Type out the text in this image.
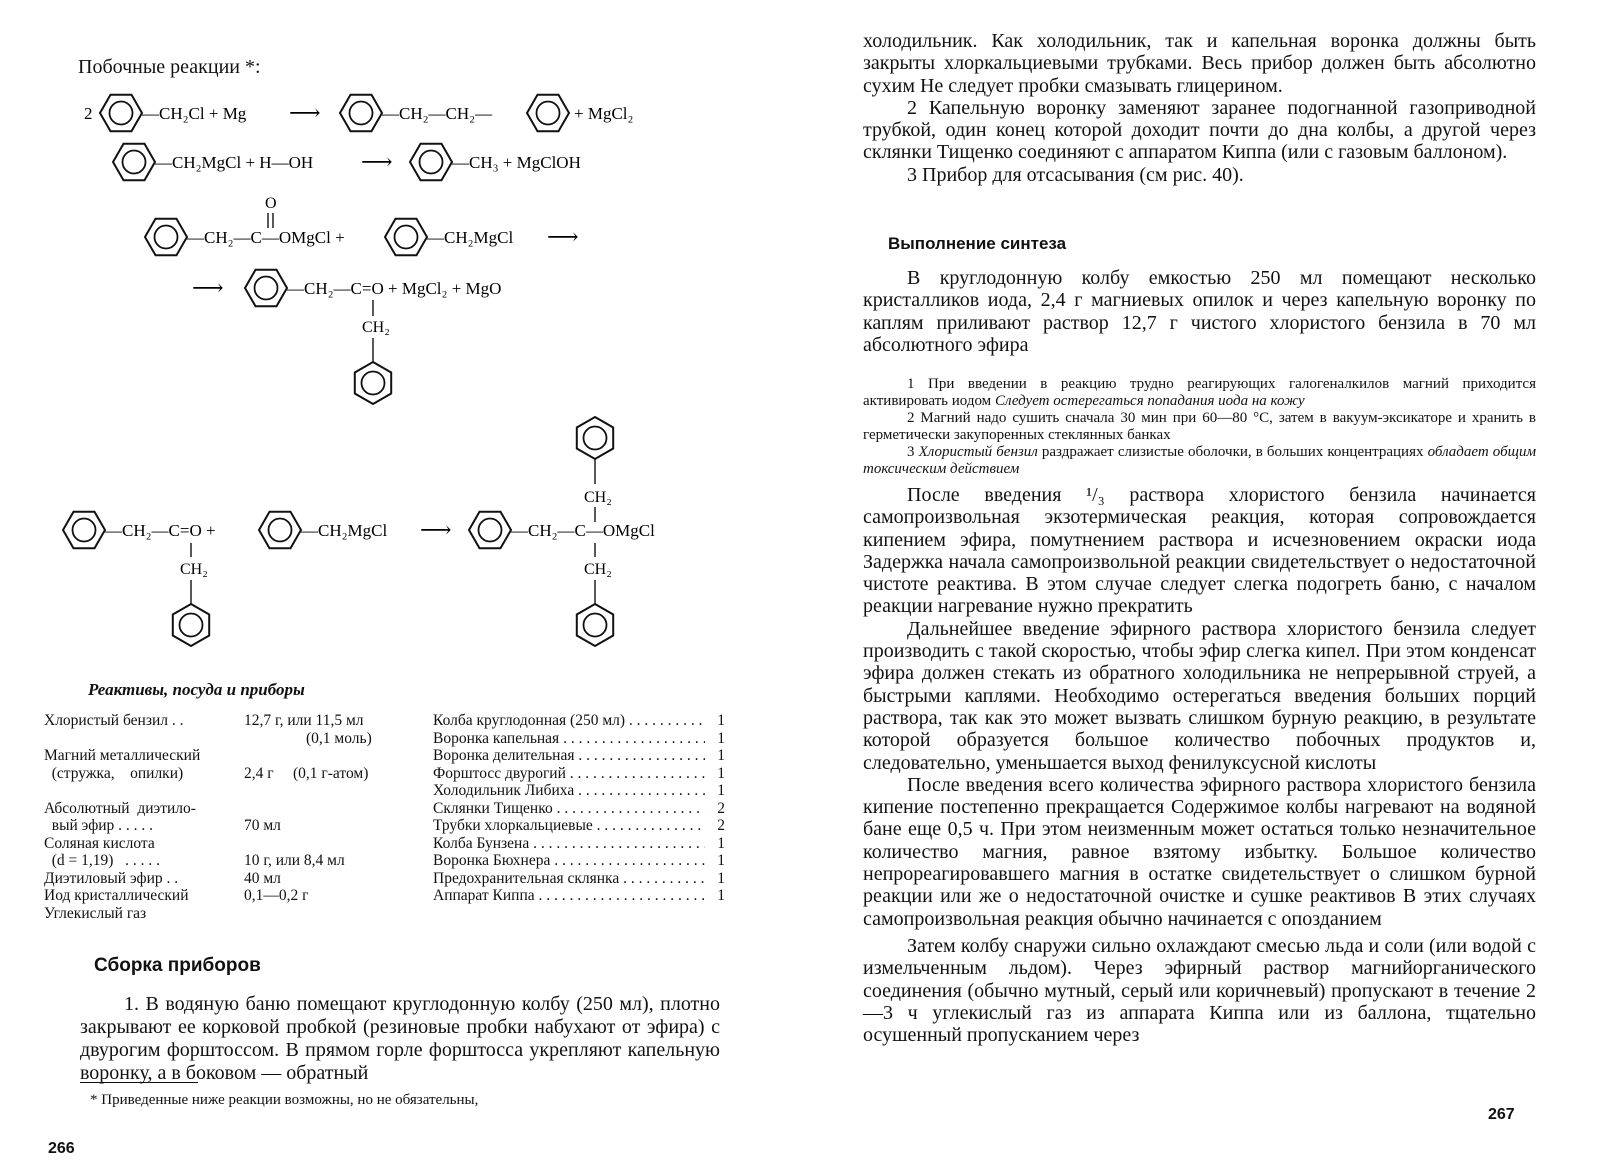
Побочные реакции *:
2	—CH₂Cl + Mg ⟶	—CH₂—CH₂—	+ MgCl₂
—CH₂MgCl + H—OH ⟶	—CH₃ + MgClOH
O
—CH₂—C—OMgCl +	—CH₂MgCl ⟶
⟶	—CH₂—C=O + MgCl₂ + MgO
CH₂
—CH₂—C=O +
CH₂
—CH₂MgCl ⟶	—CH₂—C—OMgCl
CH₂
CH₂
Реактивы, посуда и приборы
Хлористый бензил . .	12,7 г, или 11,5 мл
(0,1 моль)
Магний металлический
(стружка,    опилки)	2,4 г     (0,1 г-атом)
Абсолютный  диэтило-
вый эфир . . . . .	70 мл
Соляная кислота
(d = 1,19)   . . . . .	10 г, или 8,4 мл
Диэтиловый эфир . .	40 мл
Иод кристаллический	0,1—0,2 г
Углекислый газ
Колба круглодонная (250 мл) . . .	1
Воронка капельная . . .	1
Воронка делительная . . .	1
Форштосс двурогий . . .	1
Холодильник Либиха . . .	1
Склянки Тищенко . . .	2
Трубки хлоркальциевые . . .	2
Колба Бунзена . . .	1
Воронка Бюхнера . . .	1
Предохранительная склянка . . .	1
Аппарат Киппа . . .	1
Сборка приборов

1. В водяную баню помещают круглодонную колбу (250 мл), плотно закрывают ее корковой пробкой (резиновые пробки набухают от эфира) с двурогим форштоссом. В прямом горле форштосса укрепляют капельную воронку, а в боковом — обратный

* Приведенные ниже реакции возможны, но не обязательны,
266

холодильник. Как холодильник, так и капельная воронка должны быть закрыты хлоркальциевыми трубками. Весь прибор должен быть абсолютно сухим Не следует пробки смазывать глицерином.

2 Капельную воронку заменяют заранее подогнанной газоприводной трубкой, один конец которой доходит почти до дна колбы, а другой через склянки Тищенко соединяют с аппаратом Киппа (или с газовым баллоном).

3 Прибор для отсасывания (см рис. 40).

Выполнение синтеза

В круглодонную колбу емкостью 250 мл помещают несколько кристалликов иода, 2,4 г магниевых опилок и через капельную воронку по каплям приливают раствор 12,7 г чистого хлористого бензила в 70 мл абсолютного эфира

1 При введении в реакцию трудно реагирующих галогеналкилов магний приходится активировать иодом Следует остерегаться попадания иода на кожу

2 Магний надо сушить сначала 30 мин при 60—80 °С, затем в вакуум-эксикаторе и хранить в герметически закупоренных стеклянных банках

3 Хлористый бензил раздражает слизистые оболочки, в больших концентрациях обладает общим токсическим действием

После введения ¹/₃ раствора хлористого бензила начинается самопроизвольная экзотермическая реакция, которая сопровождается кипением эфира, помутнением раствора и исчезновением окраски иода Задержка начала самопроизвольной реакции свидетельствует о недостаточной чистоте реактива. В этом случае следует слегка подогреть баню, с началом реакции нагревание нужно прекратить

Дальнейшее введение эфирного раствора хлористого бензила следует производить с такой скоростью, чтобы эфир слегка кипел. При этом конденсат эфира должен стекать из обратного холодильника не непрерывной струей, а быстрыми каплями. Необходимо остерегаться введения больших порций раствора, так как это может вызвать слишком бурную реакцию, в результате которой образуется большое количество побочных продуктов и, следовательно, уменьшается выход фенилуксусной кислоты

После введения всего количества эфирного раствора хлористого бензила кипение постепенно прекращается Содержимое колбы нагревают на водяной бане еще 0,5 ч. При этом неизменным может остаться только незначительное количество магния, равное взятому избытку. Большое количество непрореагировавшего магния в остатке свидетельствует о слишком бурной реакции или же о недостаточной очистке и сушке реактивов В этих случаях самопроизвольная реакция обычно начинается с опозданием

Затем колбу снаружи сильно охлаждают смесью льда и соли (или водой с измельченным льдом). Через эфирный раствор магнийорганического соединения (обычно мутный, серый или коричневый) пропускают в течение 2—3 ч углекислый газ из аппарата Киппа или из баллона, тщательно осушенный пропусканием через

267
